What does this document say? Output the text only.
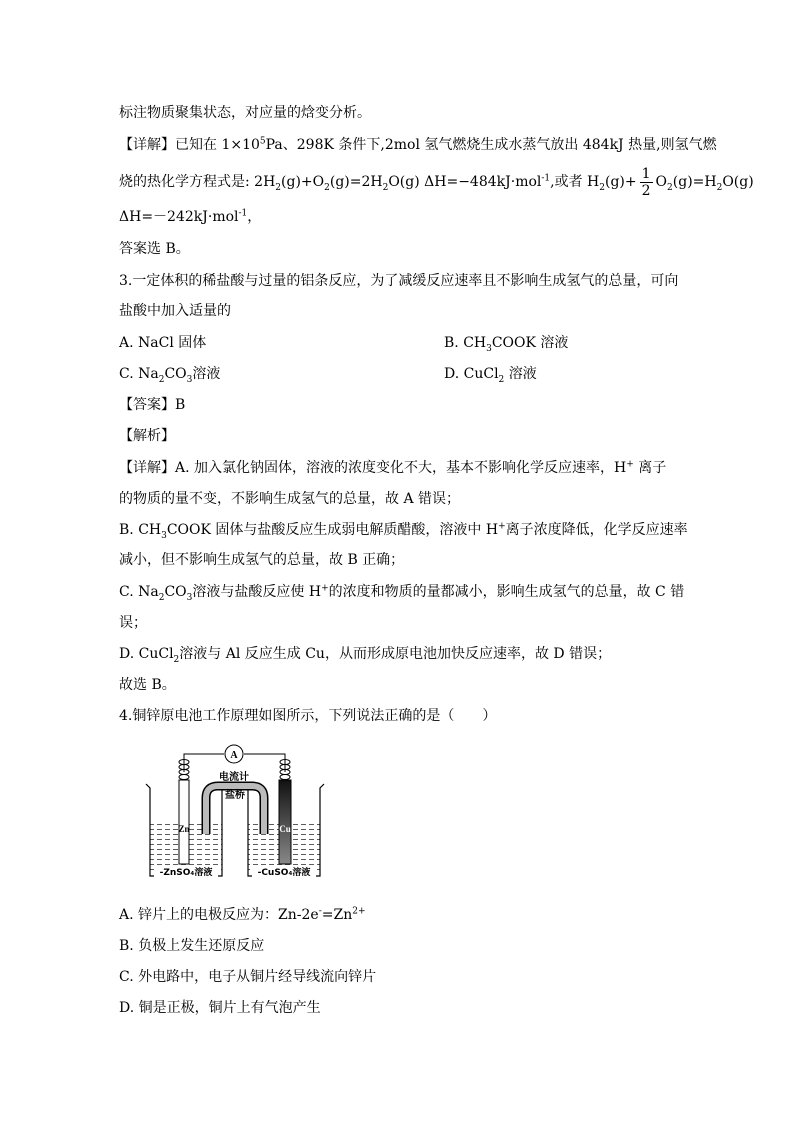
标注物质聚集状态，对应量的焓变分析。
【详解】已知在 $1\times 10^5Pa$、298K 条件下,2mol 氢气燃烧生成水蒸气放出 484kJ 热量,则氢气燃
烧的热化学方程式是: $2H_2(g)+O_2(g)=2H_2O(g)$ ΔH=−484kJ·mol$^{-1}$,或者 $H_2(g)+ \frac{1}{2} O_2(g)=H_2O(g)$
ΔH=－242kJ·mol$^{-1}$，
答案选 B。
3.一定体积的稀盐酸与过量的铝条反应，为了减缓反应速率且不影响生成氢气的总量，可向
盐酸中加入适量的
A. NaCl 固体	B. $CH_3COOK$ 溶液
C. $Na_2CO_3$溶液	D. CuCl$_2$ 溶液
【答案】B
【解析】
【详解】A. 加入氯化钠固体，溶液的浓度变化不大，基本不影响化学反应速率，H+ 离子
的物质的量不变，不影响生成氢气的总量，故 A 错误；
B. $CH_3COOK$ 固体与盐酸反应生成弱电解质醋酸，溶液中 H+离子浓度降低，化学反应速率
减小，但不影响生成氢气的总量，故 B 正确；
C. $Na_2CO_3$溶液与盐酸反应使 H+的浓度和物质的量都减小，影响生成氢气的总量，故 C 错
误；
D. CuCl$_2$溶液与 Al 反应生成 Cu，从而形成原电池加快反应速率，故 D 错误；
故选 B。
4.铜锌原电池工作原理如图所示，下列说法正确的是（　　）
A
电流计
Zn	Cu
盐桥
-ZnSO₄溶液	-CuSO₄溶液
A. 锌片上的电极反应为：$Zn-2e^-=Zn^{2+}$
B. 负极上发生还原反应
C. 外电路中，电子从铜片经导线流向锌片
D. 铜是正极，铜片上有气泡产生
